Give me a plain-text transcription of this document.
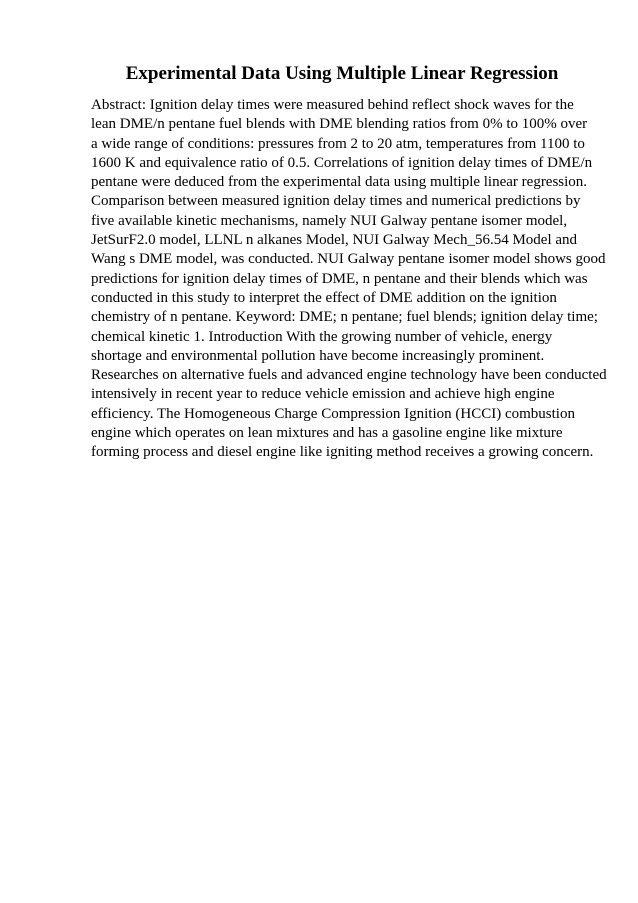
Experimental Data Using Multiple Linear Regression
Abstract: Ignition delay times were measured behind reflect shock waves for the
lean DME/n pentane fuel blends with DME blending ratios from 0% to 100% over
a wide range of conditions: pressures from 2 to 20 atm, temperatures from 1100 to
1600 K and equivalence ratio of 0.5. Correlations of ignition delay times of DME/n
pentane were deduced from the experimental data using multiple linear regression.
Comparison between measured ignition delay times and numerical predictions by
five available kinetic mechanisms, namely NUI Galway pentane isomer model,
JetSurF2.0 model, LLNL n alkanes Model, NUI Galway Mech_56.54 Model and
Wang s DME model, was conducted. NUI Galway pentane isomer model shows good
predictions for ignition delay times of DME, n pentane and their blends which was
conducted in this study to interpret the effect of DME addition on the ignition
chemistry of n pentane. Keyword: DME; n pentane; fuel blends; ignition delay time;
chemical kinetic 1. Introduction With the growing number of vehicle, energy
shortage and environmental pollution have become increasingly prominent.
Researches on alternative fuels and advanced engine technology have been conducted
intensively in recent year to reduce vehicle emission and achieve high engine
efficiency. The Homogeneous Charge Compression Ignition (HCCI) combustion
engine which operates on lean mixtures and has a gasoline engine like mixture
forming process and diesel engine like igniting method receives a growing concern.
